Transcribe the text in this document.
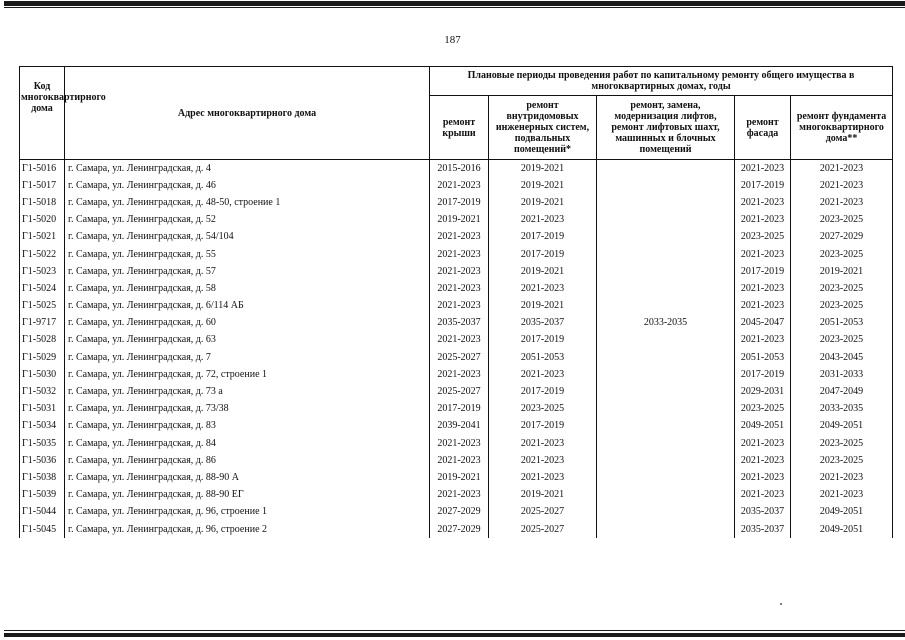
187
Код многоквартирного дома	Адрес многоквартирного дома	Плановые периоды проведения работ по капитальному ремонту общего имущества в многоквартирных домах, годы				
		ремонт крыши	ремонт внутридомовых инженерных систем, подвальных помещений*	ремонт, замена, модернизация лифтов, ремонт лифтовых шахт, машинных и блочных помещений	ремонт фасада	ремонт фундамента многоквартирного дома**
Г1-5016	г. Самара, ул. Ленинградская, д. 4	2015-2016	2019-2021		2021-2023	2021-2023
Г1-5017	г. Самара, ул. Ленинградская, д. 46	2021-2023	2019-2021		2017-2019	2021-2023
Г1-5018	г. Самара, ул. Ленинградская, д. 48-50, строение 1	2017-2019	2019-2021		2021-2023	2021-2023
Г1-5020	г. Самара, ул. Ленинградская, д. 52	2019-2021	2021-2023		2021-2023	2023-2025
Г1-5021	г. Самара, ул. Ленинградская, д. 54/104	2021-2023	2017-2019		2023-2025	2027-2029
Г1-5022	г. Самара, ул. Ленинградская, д. 55	2021-2023	2017-2019		2021-2023	2023-2025
Г1-5023	г. Самара, ул. Ленинградская, д. 57	2021-2023	2019-2021		2017-2019	2019-2021
Г1-5024	г. Самара, ул. Ленинградская, д. 58	2021-2023	2021-2023		2021-2023	2023-2025
Г1-5025	г. Самара, ул. Ленинградская, д. 6/114 АБ	2021-2023	2019-2021		2021-2023	2023-2025
Г1-9717	г. Самара, ул. Ленинградская, д. 60	2035-2037	2035-2037	2033-2035	2045-2047	2051-2053
Г1-5028	г. Самара, ул. Ленинградская, д. 63	2021-2023	2017-2019		2021-2023	2023-2025
Г1-5029	г. Самара, ул. Ленинградская, д. 7	2025-2027	2051-2053		2051-2053	2043-2045
Г1-5030	г. Самара, ул. Ленинградская, д. 72, строение 1	2021-2023	2021-2023		2017-2019	2031-2033
Г1-5032	г. Самара, ул. Ленинградская, д. 73 а	2025-2027	2017-2019		2029-2031	2047-2049
Г1-5031	г. Самара, ул. Ленинградская, д. 73/38	2017-2019	2023-2025		2023-2025	2033-2035
Г1-5034	г. Самара, ул. Ленинградская, д. 83	2039-2041	2017-2019		2049-2051	2049-2051
Г1-5035	г. Самара, ул. Ленинградская, д. 84	2021-2023	2021-2023		2021-2023	2023-2025
Г1-5036	г. Самара, ул. Ленинградская, д. 86	2021-2023	2021-2023		2021-2023	2023-2025
Г1-5038	г. Самара, ул. Ленинградская, д. 88-90 А	2019-2021	2021-2023		2021-2023	2021-2023
Г1-5039	г. Самара, ул. Ленинградская, д. 88-90 ЕГ	2021-2023	2019-2021		2021-2023	2021-2023
Г1-5044	г. Самара, ул. Ленинградская, д. 96, строение 1	2027-2029	2025-2027		2035-2037	2049-2051
Г1-5045	г. Самара, ул. Ленинградская, д. 96, строение 2	2027-2029	2025-2027		2035-2037	2049-2051
